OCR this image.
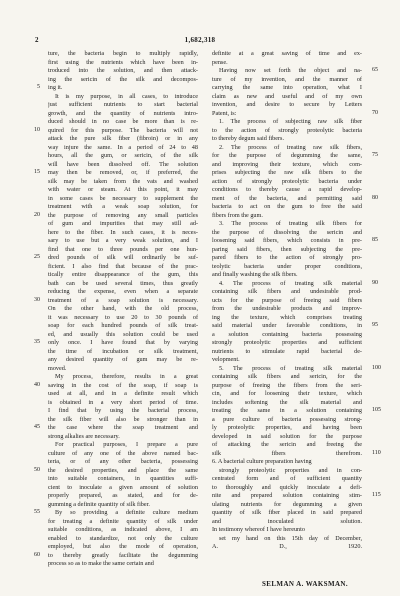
2	1,682,318
ture, the bacteria begin to multiply rapidly,
first using the nutrients which have been in-
troduced into the solution, and then attack-
ing the sericin of the silk and decompos-
ing it.
It is my purpose, in all cases, to introduce
just sufficient nutrients to start bacterial
growth, and the quantity of nutrients intro-
duced should in no case be more than is re-
quired for this purpose. The bacteria will not
attack the pure silk fiber (fibroin) or in any
way injure the same. In a period of 24 to 48
hours, all the gum, or sericin, of the silk
will have been dissolved off. The solution
may then be removed, or, if preferred, the
silk may be taken from the vats and washed
with water or steam. At this point, it may
in some cases be necessary to supplement the
treatment with a weak soap solution, for
the purpose of removing any small particles
of gum and impurities that may still ad-
here to the fiber. In such cases, it is neces-
sary to use but a very weak solution, and I
find that one to three pounds per one hun-
dred pounds of silk will ordinarily be suf-
ficient. I also find that because of the prac-
tically entire disappearance of the gum, this
bath can be used several times, thus greatly
reducing the expense, even when a separate
treatment of a soap solution is necessary.
On the other hand, with the old process,
it was necessary to use 20 to 30 pounds of
soap for each hundred pounds of silk treat-
ed, and usually this solution could be used
only once. I have found that by varying
the time of incubation or silk treatment,
any desired quantity of gum may be re-
moved.
My process, therefore, results in a great
saving in the cost of the soap, if soap is
used at all, and in a definite result which
is obtained in a very short period of time.
I find that by using the bacterial process,
the silk fiber will also be stronger than in
the case where the soap treatment and
strong alkalies are necessary.
For practical purposes, I prepare a pure
culture of any one of the above named bac-
teria, or of any other bacteria, possessing
the desired properties, and place the same
into suitable containers, in quantities suffi-
cient to inoculate a given amount of solution
properly prepared, as stated, and for de-
gumming a definite quantity of silk fiber.
By so providing a definite culture medium
for treating a definite quantity of silk under
suitable conditions, as indicated above, I am
enabled to standardize, not only the culture
employed, but also the mode of operation,
to thereby greatly facilitate the degumming
process so as to make the same certain and
definite at a great saving of time and ex-
pense.
Having now set forth the object and na-
ture of my invention, and the manner of
carrying the same into operation, what I
claim as new and useful and of my own
invention, and desire to secure by Letters
Patent, is:
1. The process of subjecting raw silk fiber
to the action of strongly proteolytic bacteria
to thereby degum said fibers.
2. The process of treating raw silk fibers,
for the purpose of degumming the same,
and improving their texture, which com-
prises subjecting the raw silk fibers to the
action of strongly proteolytic bacteria under
conditions to thereby cause a rapid develop-
ment of the bacteria, and permitting said
bacteria to act on the gum to free the said
fibers from the gum.
3. The process of treating silk fibers for
the purpose of dissolving the sericin and
loosening said fibers, which consists in pre-
paring said fibers, then subjecting the pre-
pared fibers to the action of strongly pro-
teolytic bacteria under proper conditions,
and finally washing the silk fibers.
4. The process of treating silk material
containing silk fibers and undesirable prod-
ucts for the purpose of freeing said fibers
from the undesirable products and improv-
ing the texture, which comprises treating
said material under favorable conditions, in
a solution containing bacteria possessing
strongly proteolytic properties and sufficient
nutrients to stimulate rapid bacterial de-
velopment.
5. The process of treating silk material
containing silk fibers and sericin, for the
purpose of freeing the fibers from the seri-
cin, and for loosening their texture, which
includes softening the silk material and
treating the same in a solution containing
a pure culture of bacteria possessing strong-
ly proteolytic properties, and having been
developed in said solution for the purpose
of attacking the sericin and freeing the
silk fibers therefrom.
6. A bacterial culture preparation having
strongly proteolytic properties and in con-
centrated form and of sufficient quantity
to thoroughly and quickly inoculate a defi-
nite and prepared solution containing stim-
ulating nutrients for degumming a given
quantity of silk fiber placed in said prepared
and inoculated solution.
In testimony whereof I have hereunto
set my hand on this 15th day of December,
A. D., 1920.
5
10
15
20
25
30
35
40
45
50
55
60
65
70
75
80
85
90
95
100
105
110
115
SELMAN A. WAKSMAN.
